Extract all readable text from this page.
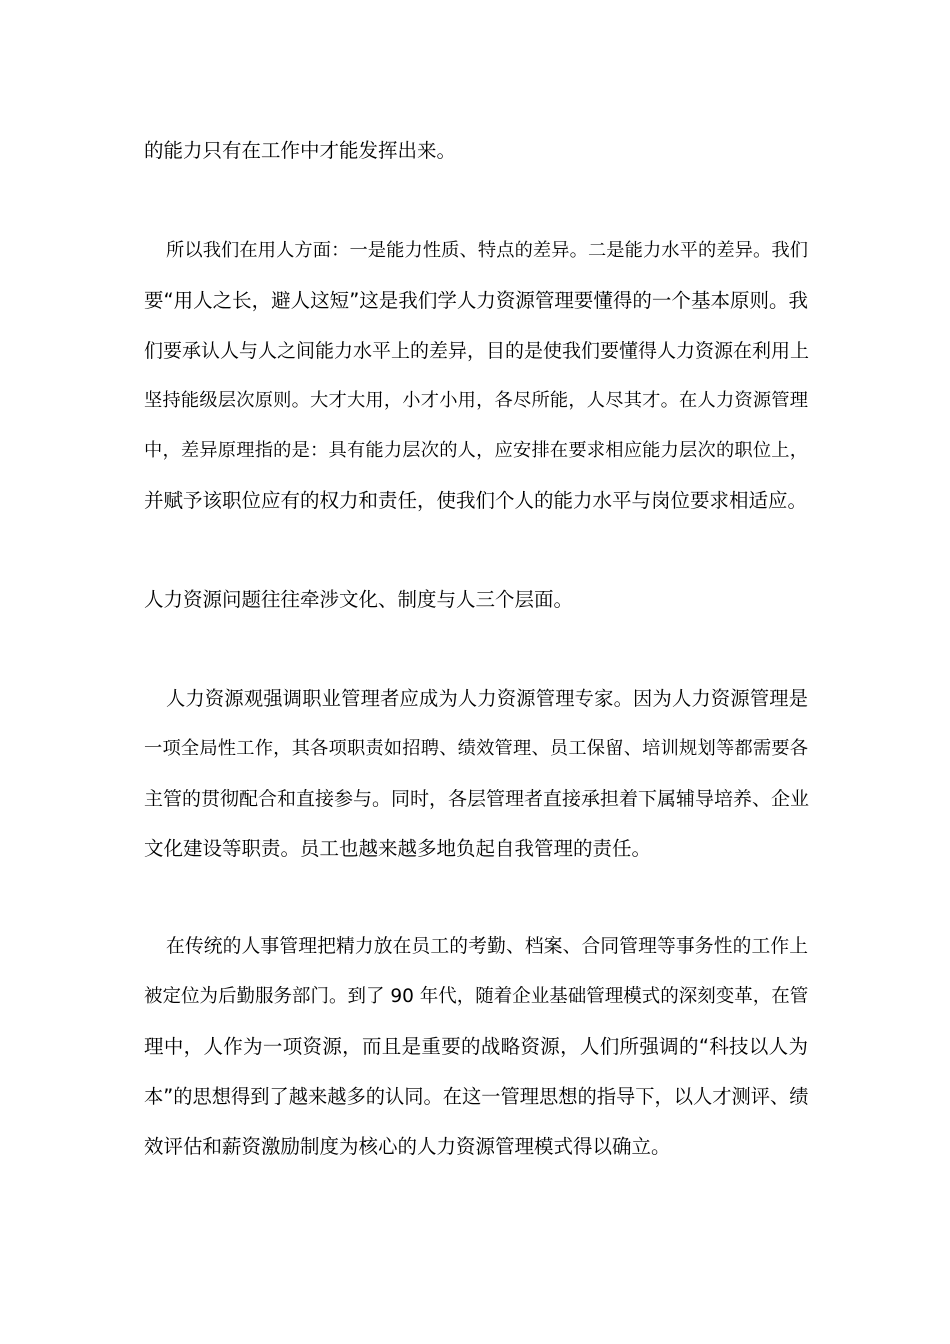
的能力只有在工作中才能发挥出来。
所以我们在用人方面：一是能力性质、特点的差异。二是能力水平的差异。我们
要“用人之长，避人这短”这是我们学人力资源管理要懂得的一个基本原则。我
们要承认人与人之间能力水平上的差异，目的是使我们要懂得人力资源在利用上
坚持能级层次原则。大才大用，小才小用，各尽所能，人尽其才。在人力资源管理
中，差异原理指的是：具有能力层次的人，应安排在要求相应能力层次的职位上，
并赋予该职位应有的权力和责任，使我们个人的能力水平与岗位要求相适应。
人力资源问题往往牵涉文化、制度与人三个层面。
人力资源观强调职业管理者应成为人力资源管理专家。因为人力资源管理是
一项全局性工作，其各项职责如招聘、绩效管理、员工保留、培训规划等都需要各
主管的贯彻配合和直接参与。同时，各层管理者直接承担着下属辅导培养、企业
文化建设等职责。员工也越来越多地负起自我管理的责任。
在传统的人事管理把精力放在员工的考勤、档案、合同管理等事务性的工作上
被定位为后勤服务部门。到了 90 年代，随着企业基础管理模式的深刻变革，在管
理中，人作为一项资源，而且是重要的战略资源，人们所强调的“科技以人为
本”的思想得到了越来越多的认同。在这一管理思想的指导下，以人才测评、绩
效评估和薪资激励制度为核心的人力资源管理模式得以确立。
